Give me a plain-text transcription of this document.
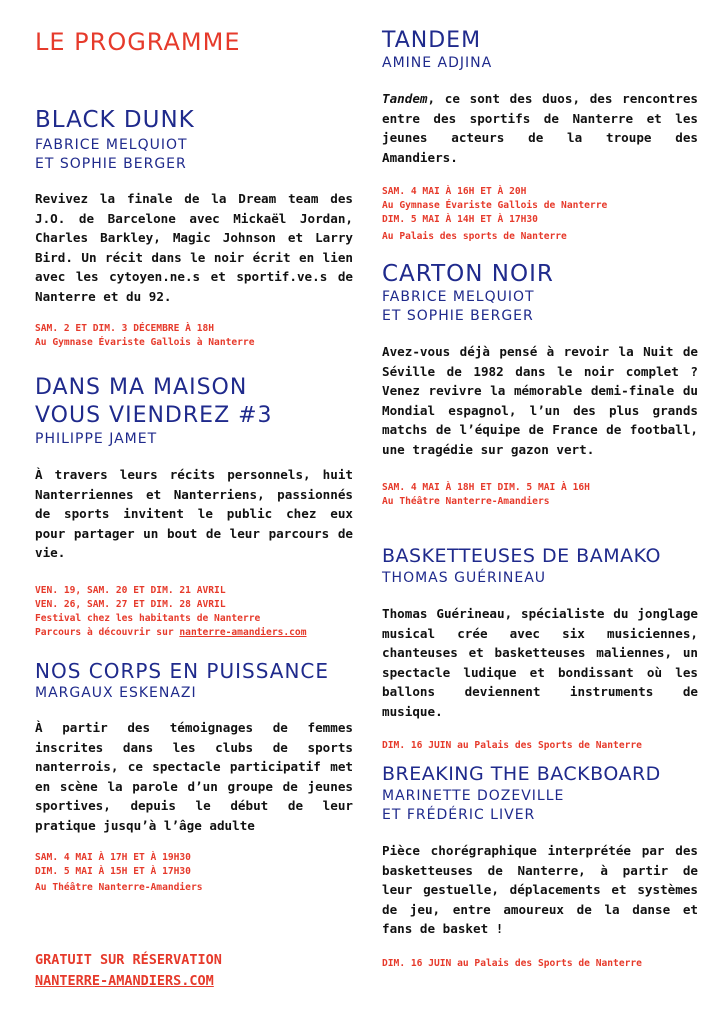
LE PROGRAMME
BLACK DUNK
FABRICE MELQUIOT
ET SOPHIE BERGER

Revivez la finale de la Dream team des J.O. de Barcelone avec Mickaël Jordan, Charles Barkley, Magic Johnson et Larry Bird. Un récit dans le noir écrit en lien avec les cytoyen.ne.s et sportif.ve.s de Nanterre et du 92.

SAM. 2 ET DIM. 3 DÉCEMBRE À 18H
Au Gymnase Évariste Gallois à Nanterre
DANS MA MAISON
VOUS VIENDREZ #3
PHILIPPE JAMET

À travers leurs récits personnels, huit Nanterriennes et Nanterriens, passionnés de sports invitent le public chez eux pour partager un bout de leur parcours de vie.

VEN. 19, SAM. 20 ET DIM. 21 AVRIL
VEN. 26, SAM. 27 ET DIM. 28 AVRIL
Festival chez les habitants de Nanterre
Parcours à découvrir sur nanterre-amandiers.com
NOS CORPS EN PUISSANCE
MARGAUX ESKENAZI

À partir des témoignages de femmes inscrites dans les clubs de sports nanterrois, ce spectacle participatif met en scène la parole d’un groupe de jeunes sportives, depuis le début de leur pratique jusqu’à l’âge adulte

SAM. 4 MAI À 17H ET À 19H30
DIM. 5 MAI À 15H ET À 17H30
Au Théâtre Nanterre-Amandiers
GRATUIT SUR RÉSERVATION
NANTERRE-AMANDIERS.COM
TANDEM
AMINE ADJINA

Tandem, ce sont des duos, des rencontres entre des sportifs de Nanterre et les jeunes acteurs de la troupe des Amandiers.

SAM. 4 MAI À 16H ET À 20H
Au Gymnase Évariste Gallois de Nanterre
DIM. 5 MAI À 14H ET À 17H30
Au Palais des sports de Nanterre
CARTON NOIR
FABRICE MELQUIOT
ET SOPHIE BERGER

Avez-vous déjà pensé à revoir la Nuit de Séville de 1982 dans le noir complet ? Venez revivre la mémorable demi-finale du Mondial espagnol, l’un des plus grands matchs de l’équipe de France de football, une tragédie sur gazon vert.

SAM. 4 MAI À 18H ET DIM. 5 MAI À 16H
Au Théâtre Nanterre-Amandiers
BASKETTEUSES DE BAMAKO
THOMAS GUÉRINEAU

Thomas Guérineau, spécialiste du jonglage musical crée avec six musiciennes, chanteuses et basketteuses maliennes, un spectacle ludique et bondissant où les ballons deviennent instruments de musique.

DIM. 16 JUIN au Palais des Sports de Nanterre
BREAKING THE BACKBOARD
MARINETTE DOZEVILLE
ET FRÉDÉRIC LIVER

Pièce chorégraphique interprétée par des basketteuses de Nanterre, à partir de leur gestuelle, déplacements et systèmes de jeu, entre amoureux de la danse et fans de basket !

DIM. 16 JUIN au Palais des Sports de Nanterre
